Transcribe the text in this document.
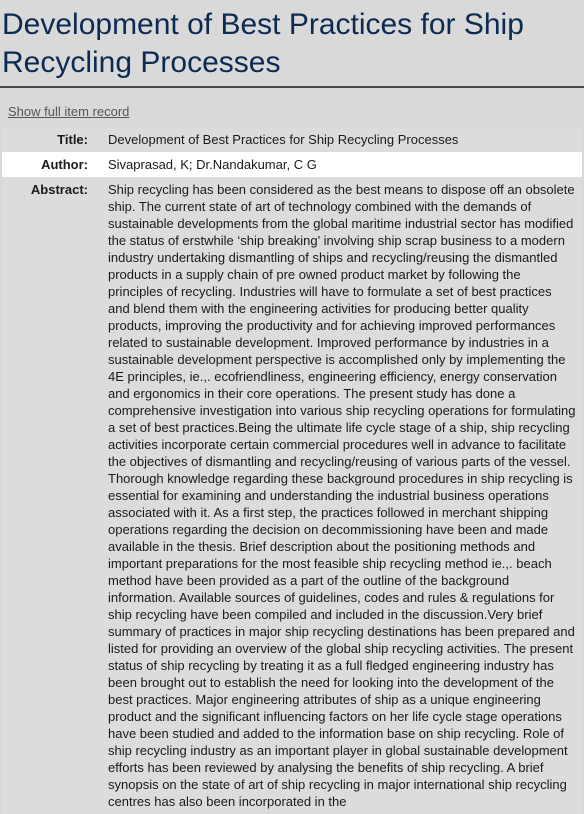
Development of Best Practices for Ship Recycling Processes
Show full item record
Title:	Development of Best Practices for Ship Recycling Processes
Author:	Sivaprasad, K; Dr.Nandakumar, C G
Abstract:	Ship recycling has been considered as the best means to dispose off an obsolete ship. The current state of art of technology combined with the demands of sustainable developments from the global maritime industrial sector has modified the status of erstwhile ‘ship breaking’ involving ship scrap business to a modern industry undertaking dismantling of ships and recycling/reusing the dismantled products in a supply chain of pre owned product market by following the principles of recycling. Industries will have to formulate a set of best practices and blend them with the engineering activities for producing better quality products, improving the productivity and for achieving improved performances related to sustainable development. Improved performance by industries in a sustainable development perspective is accomplished only by implementing the 4E principles, ie.,. ecofriendliness, engineering efficiency, energy conservation and ergonomics in their core operations. The present study has done a comprehensive investigation into various ship recycling operations for formulating a set of best practices.Being the ultimate life cycle stage of a ship, ship recycling activities incorporate certain commercial procedures well in advance to facilitate the objectives of dismantling and recycling/reusing of various parts of the vessel. Thorough knowledge regarding these background procedures in ship recycling is essential for examining and understanding the industrial business operations associated with it. As a first step, the practices followed in merchant shipping operations regarding the decision on decommissioning have been and made available in the thesis. Brief description about the positioning methods and important preparations for the most feasible ship recycling method ie.,. beach method have been provided as a part of the outline of the background information. Available sources of guidelines, codes and rules & regulations for ship recycling have been compiled and included in the discussion.Very brief summary of practices in major ship recycling destinations has been prepared and listed for providing an overview of the global ship recycling activities. The present status of ship recycling by treating it as a full fledged engineering industry has been brought out to establish the need for looking into the development of the best practices. Major engineering attributes of ship as a unique engineering product and the significant influencing factors on her life cycle stage operations have been studied and added to the information base on ship recycling. Role of ship recycling industry as an important player in global sustainable development efforts has been reviewed by analysing the benefits of ship recycling. A brief synopsis on the state of art of ship recycling in major international ship recycling centres has also been incorporated in the
